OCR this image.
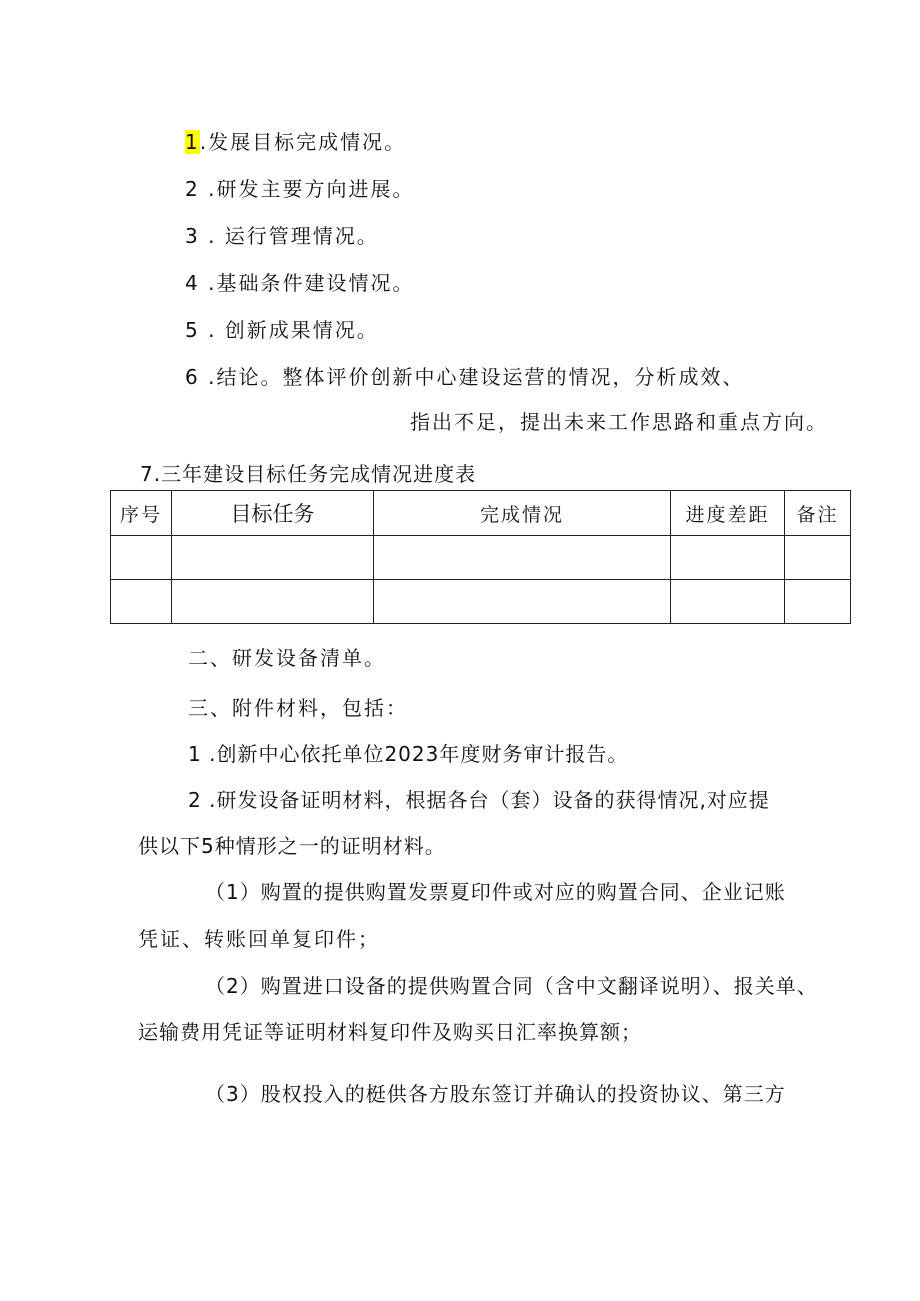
1.发展目标完成情况。
2 .研发主要方向进展。
3 . 运行管理情况。
4 .基础条件建设情况。
5 . 创新成果情况。
6 .结论。整体评价创新中心建设运营的情况，分析成效、
指出不足，提出未来工作思路和重点方向。
7.三年建设目标任务完成情况进度表
序号	目标任务	完成情况	进度差距	备注

二、研发设备清单。
三、附件材料，包括：
1 .创新中心依托单位2023年度财务审计报告。
2 .研发设备证明材料，根据各台（套）设备的获得情况,对应提
供以下5种情形之一的证明材料。
（1）购置的提供购置发票夏印件或对应的购置合同、企业记账
凭证、转账回单复印件；
（2）购置进口设备的提供购置合同（含中文翻译说明）、报关单、
运输费用凭证等证明材料复印件及购买日汇率换算额；
（3）股权投入的梃供各方股东签订并确认的投资协议、第三方
